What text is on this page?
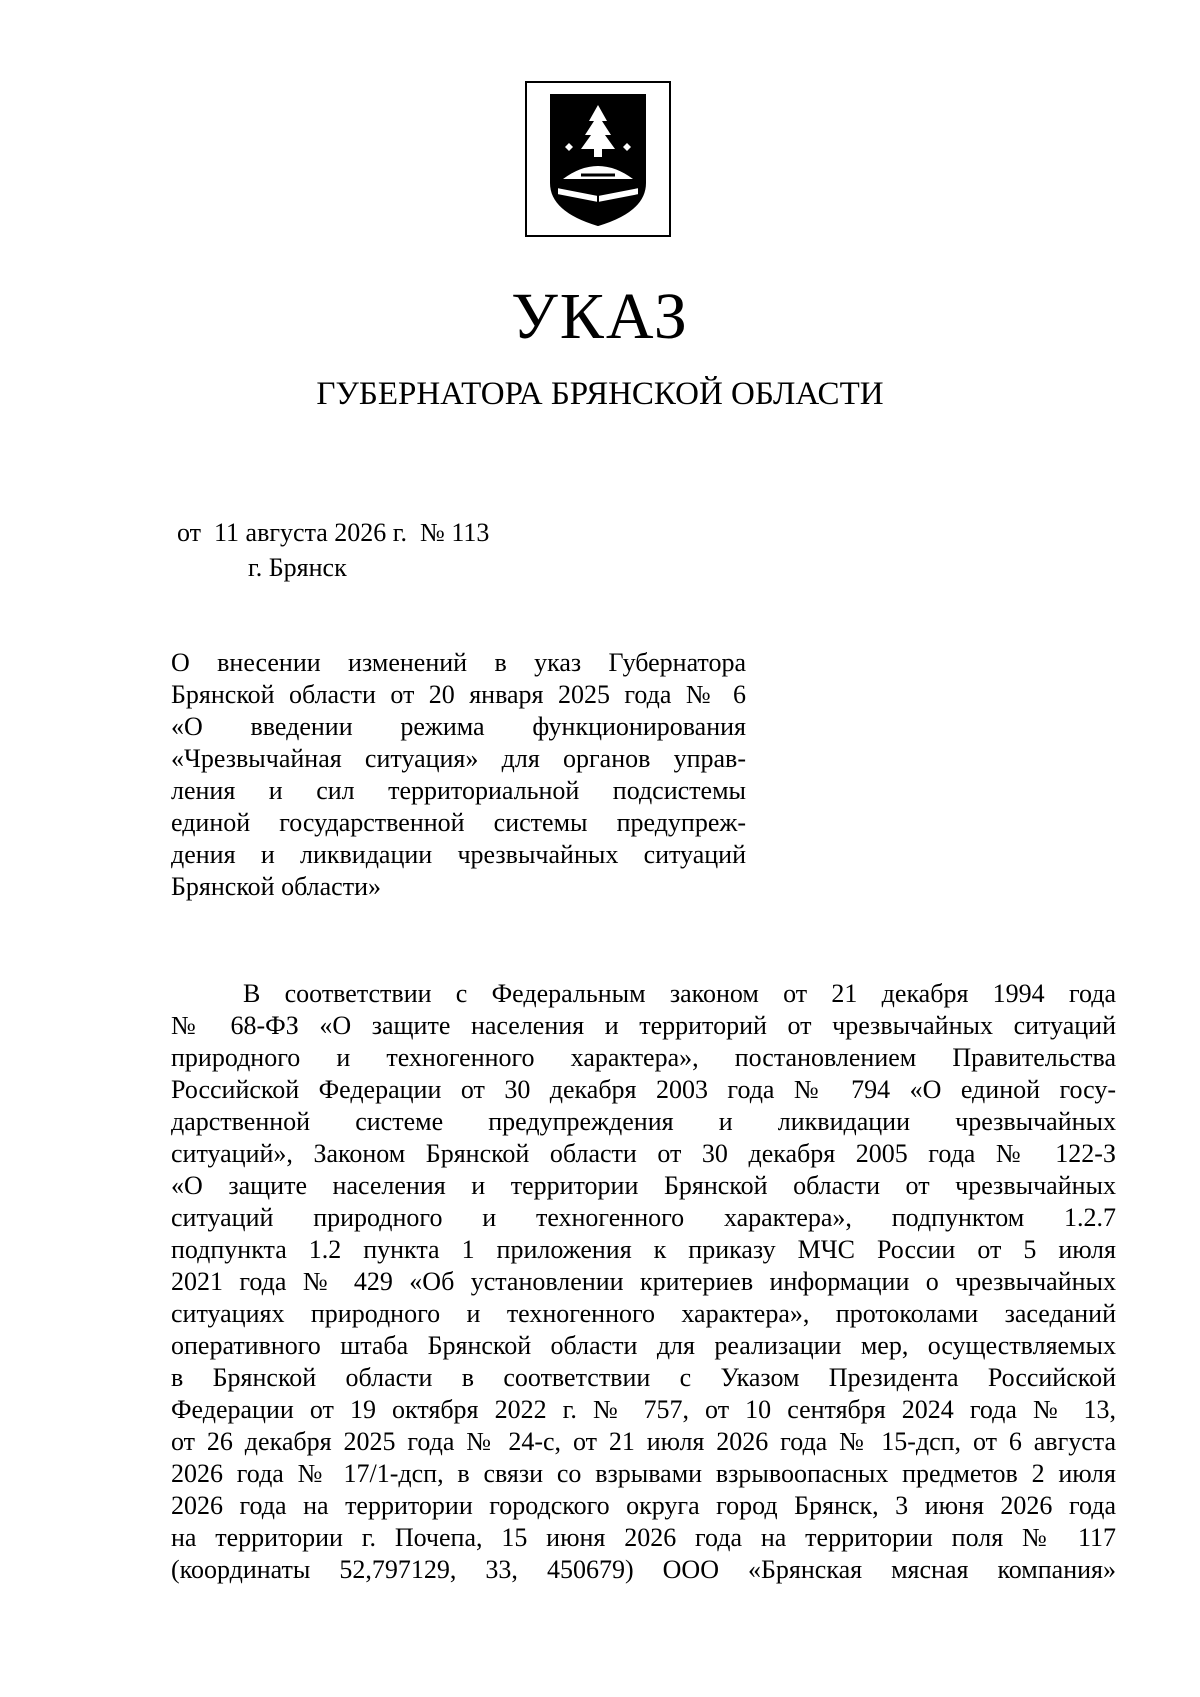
УКАЗ
ГУБЕРНАТОРА БРЯНСКОЙ ОБЛАСТИ
от  11 августа 2026 г.  № 113
г. Брянск
О внесении изменений в указ Губернатора
Брянской области от 20 января 2025 года № 6
«О введении режима функционирования
«Чрезвычайная ситуация» для органов управ-
ления и сил территориальной подсистемы
единой государственной системы предупреж-
дения и ликвидации чрезвычайных ситуаций
Брянской области»
В соответствии с Федеральным законом от 21 декабря 1994 года
№ 68-ФЗ «О защите населения и территорий от чрезвычайных ситуаций
природного и техногенного характера», постановлением Правительства
Российской Федерации от 30 декабря 2003 года № 794 «О единой госу-
дарственной системе предупреждения и ликвидации чрезвычайных
ситуаций», Законом Брянской области от 30 декабря 2005 года № 122-З
«О защите населения и территории Брянской области от чрезвычайных
ситуаций природного и техногенного характера», подпунктом 1.2.7
подпункта 1.2 пункта 1 приложения к приказу МЧС России от 5 июля
2021 года № 429 «Об установлении критериев информации о чрезвычайных
ситуациях природного и техногенного характера», протоколами заседаний
оперативного штаба Брянской области для реализации мер, осуществляемых
в Брянской области в соответствии с Указом Президента Российской
Федерации от 19 октября 2022 г. № 757, от 10 сентября 2024 года № 13,
от 26 декабря 2025 года № 24-с, от 21 июля 2026 года № 15-дсп, от 6 августа
2026 года № 17/1-дсп, в связи со взрывами взрывоопасных предметов 2 июля
2026 года на территории городского округа город Брянск, 3 июня 2026 года
на территории г. Почепа, 15 июня 2026 года на территории поля № 117
(координаты 52,797129, 33, 450679) ООО «Брянская мясная компания»
